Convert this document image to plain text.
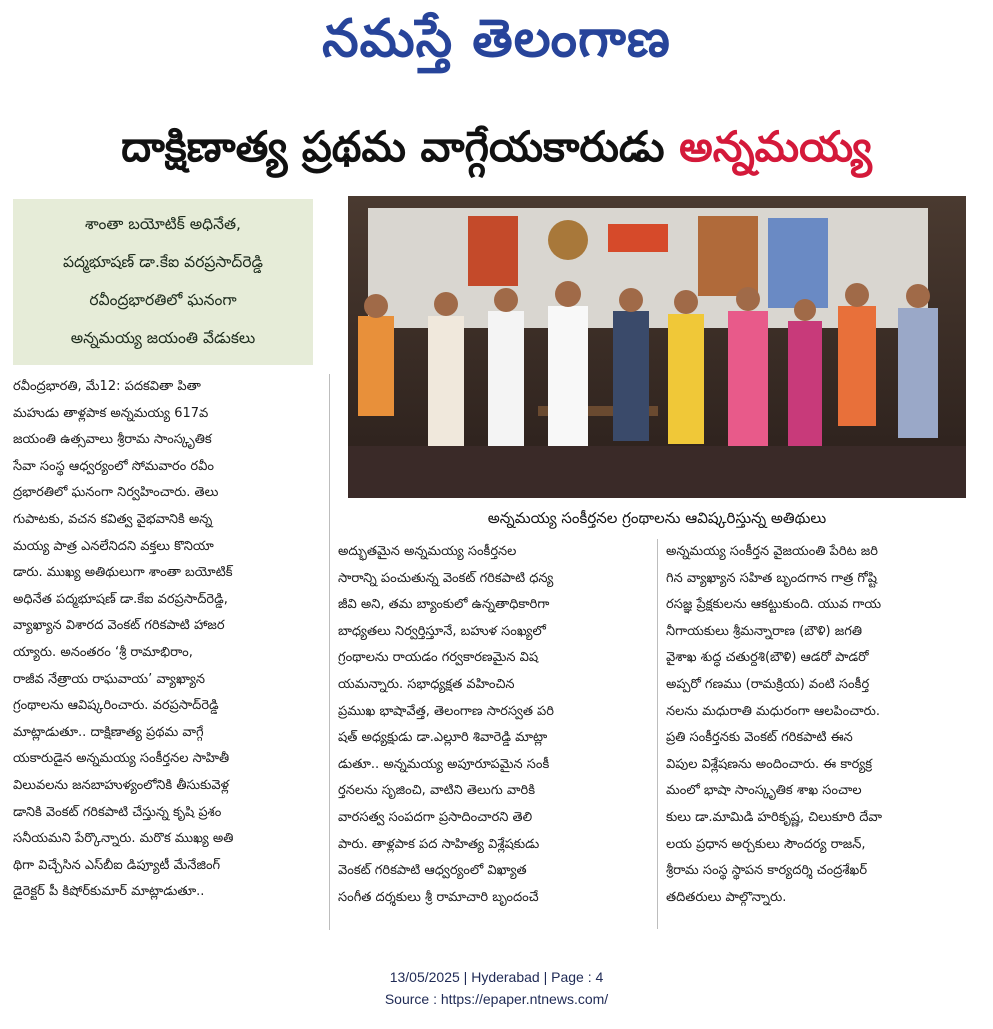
నమస్తే తెలంగాణ
దాక్షిణాత్య ప్రథమ వాగ్గేయకారుడు అన్నమయ్య

శాంతా బయోటిక్ అధినేత,

పద్మభూషణ్ డా.కేఐ వరప్రసాద్‌రెడ్డి

రవీంద్రభారతిలో ఘనంగా

అన్నమయ్య జయంతి వేడుకలు

అన్నమయ్య సంకీర్తనల గ్రంథాలను ఆవిష్కరిస్తున్న అతిథులు

రవీంద్రభారతి, మే12: పదకవితా పితా

మహుడు తాళ్లపాక అన్నమయ్య 617వ

జయంతి ఉత్సవాలు శ్రీరామ సాంస్కృతిక

సేవా సంస్థ ఆధ్వర్యంలో సోమవారం రవీం

ద్రభారతిలో ఘనంగా నిర్వహించారు. తెలు

గుపాటకు, వచన కవిత్వ వైభవానికి అన్న

మయ్య పాత్ర ఎనలేనిదని వక్తలు కొనియా

డారు. ముఖ్య అతిథులుగా శాంతా బయోటిక్

అధినేత పద్మభూషణ్ డా.కేఐ వరప్రసాద్‌రెడ్డి,

వ్యాఖ్యాన విశారద వెంకట్ గరికపాటి హాజర

య్యారు. అనంతరం ‘శ్రీ రామాభిరాం,

రాజీవ నేత్రాయ రాఘవాయ’ వ్యాఖ్యాన

గ్రంథాలను ఆవిష్కరించారు. వరప్రసాద్‌రెడ్డి

మాట్లాడుతూ.. దాక్షిణాత్య ప్రథమ వాగ్గే

యకారుడైన అన్నమయ్య సంకీర్తనల సాహితీ

విలువలను జనబాహుళ్యంలోనికి తీసుకువెళ్ల

డానికి వెంకట్ గరికపాటి చేస్తున్న కృషి ప్రశం

సనీయమని పేర్కొన్నారు. మరొక ముఖ్య అతి

థిగా విచ్చేసిన ఎస్‌బీఐ డిప్యూటీ మేనేజింగ్

డైరెక్టర్ పీ కిషోర్‌కుమార్ మాట్లాడుతూ..

అద్భుతమైన అన్నమయ్య సంకీర్తనల

సారాన్ని పంచుతున్న వెంకట్ గరికపాటి ధన్య

జీవి అని, తమ బ్యాంకులో ఉన్నతాధికారిగా

బాధ్యతలు నిర్వర్తిస్తూనే, బహుళ సంఖ్యలో

గ్రంథాలను రాయడం గర్వకారణమైన విష

యమన్నారు. సభాధ్యక్షత వహించిన

ప్రముఖ భాషావేత్త, తెలంగాణ సారస్వత పరి

షత్ అధ్యక్షుడు డా.ఎల్లూరి శివారెడ్డి మాట్లా

డుతూ.. అన్నమయ్య అపూరూపమైన సంకీ

ర్తనలను సృజించి, వాటిని తెలుగు వారికి

వారసత్వ సంపదగా ప్రసాదించారని తెలి

పారు. తాళ్లపాక పద సాహిత్య విశ్లేషకుడు

వెంకట్ గరికపాటి ఆధ్వర్యంలో విఖ్యాత

సంగీత దర్శకులు శ్రీ రామాచారి బృందంచే

అన్నమయ్య సంకీర్తన వైజయంతి పేరిట జరి

గిన వ్యాఖ్యాన సహిత బృందగాన గాత్ర గోష్టి

రసజ్ఞ ప్రేక్షకులను ఆకట్టుకుంది. యువ గాయ

నీగాయకులు శ్రీమన్నారాణ (బౌళి) జగతి

వైశాఖ శుద్ధ చతుర్దశి(బౌళి) ఆడరో పాడరో

అప్పరో గణము (రామక్రియ) వంటి సంకీర్త

నలను మధురాతి మధురంగా ఆలపించారు.

ప్రతి సంకీర్తనకు వెంకట్ గరికపాటి ఈన

విపుల విశ్లేషణను అందించారు. ఈ కార్యక్ర

మంలో భాషా సాంస్కృతిక శాఖ సంచాల

కులు డా.మామిడి హరికృష్ణ, చిలుకూరి దేవా

లయ ప్రధాన అర్చకులు సౌందర్య రాజన్,

శ్రీరామ సంస్థ స్థాపన కార్యదర్శి చంద్రశేఖర్

తదితరులు పాల్గొన్నారు.

13/05/2025 | Hyderabad | Page : 4
Source : https://epaper.ntnews.com/
